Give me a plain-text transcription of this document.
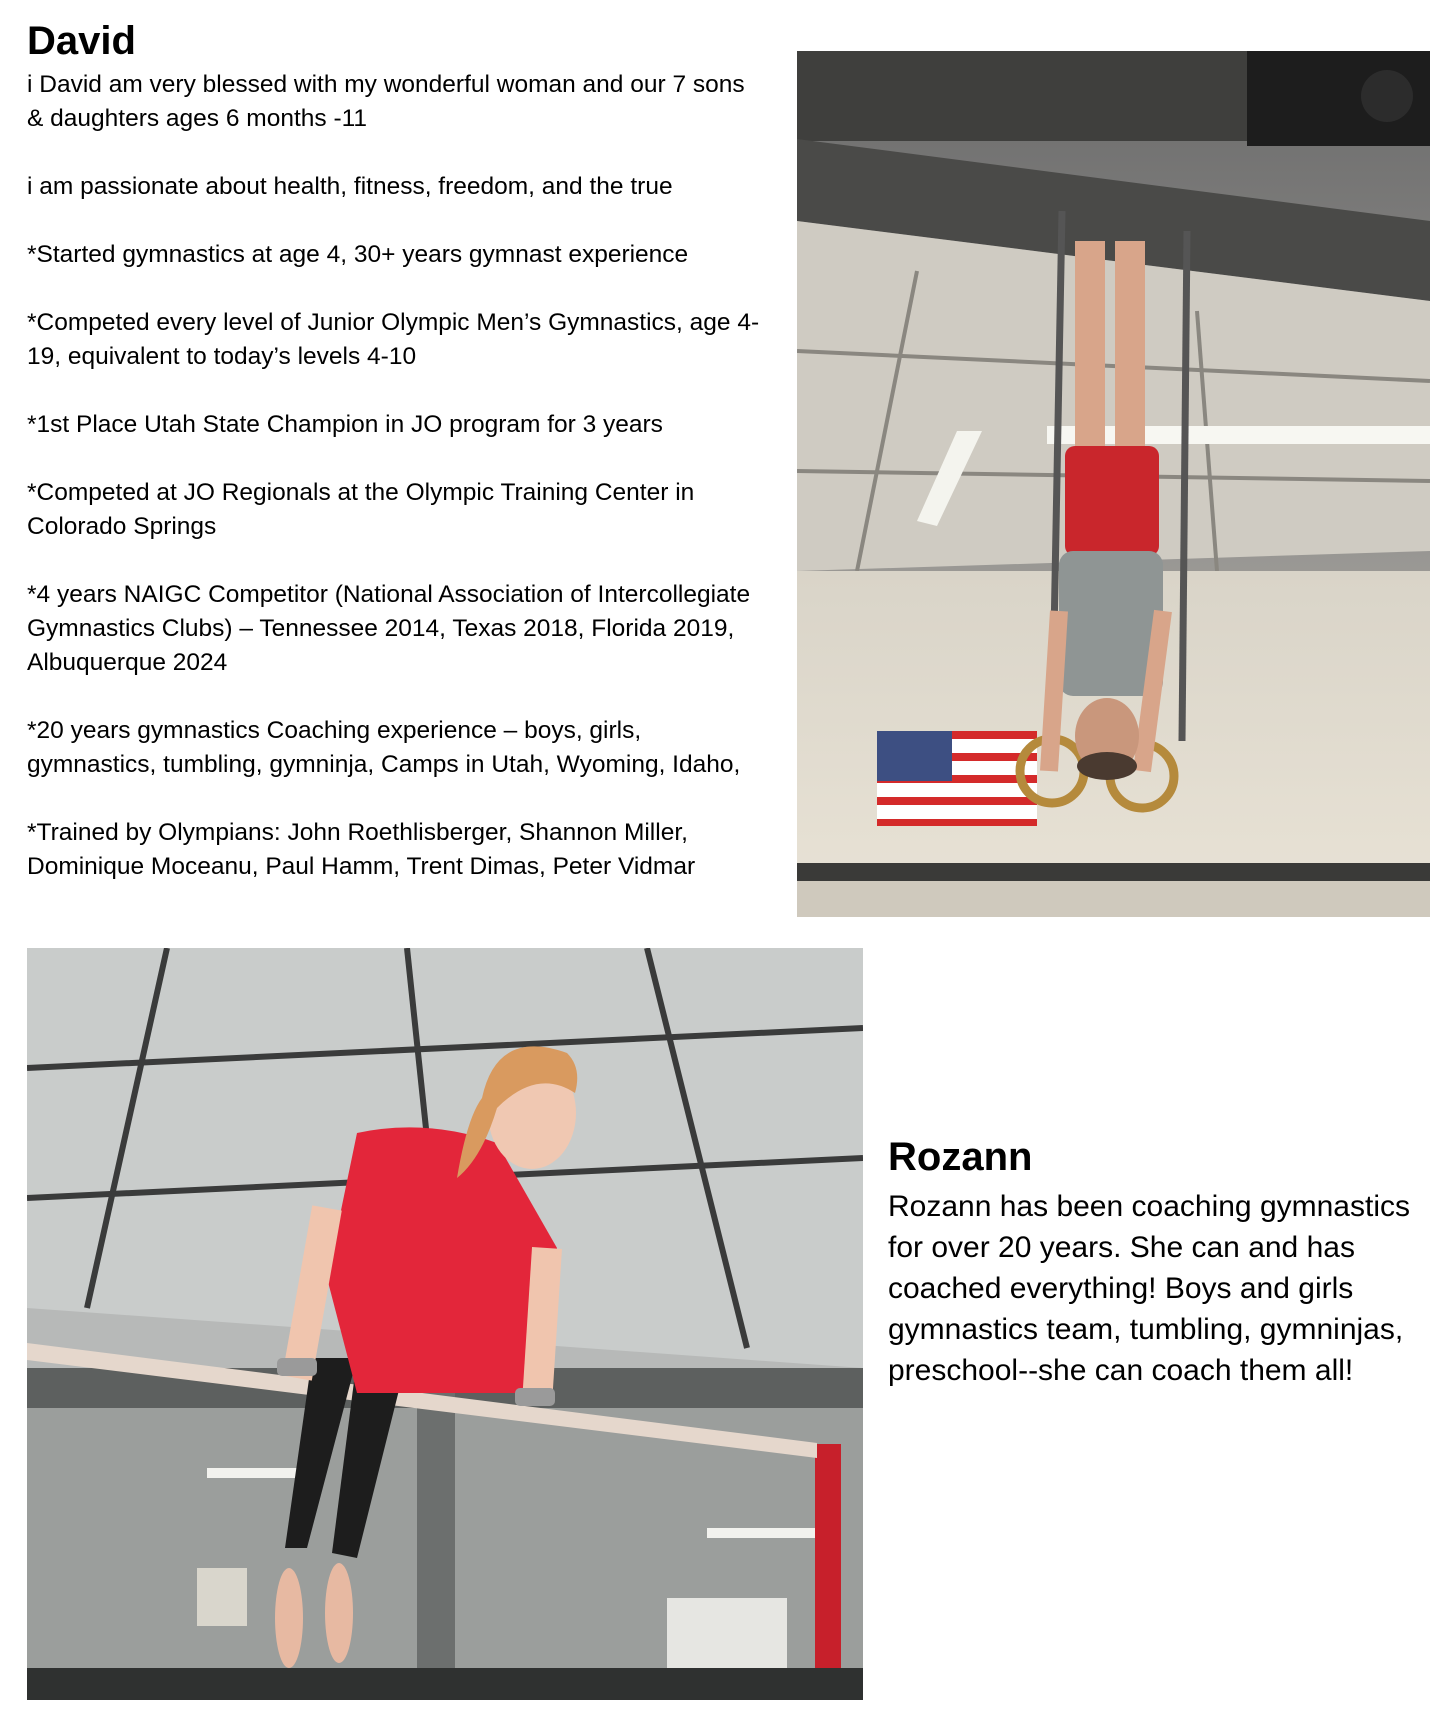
David
i David am very blessed with my wonderful woman and our 7 sons & daughters ages 6 months -11
i am passionate about health, fitness, freedom, and the true
*Started gymnastics at age 4, 30+ years gymnast experience
*Competed every level of Junior Olympic Men’s Gymnastics, age 4-19, equivalent to today’s levels 4-10
*1st Place Utah State Champion in JO program for 3 years
*Competed at JO Regionals at the Olympic Training Center in Colorado Springs
*4 years NAIGC Competitor (National Association of Intercollegiate Gymnastics Clubs) – Tennessee 2014, Texas 2018, Florida 2019, Albuquerque 2024
*20 years gymnastics Coaching experience – boys, girls, gymnastics, tumbling, gymninja, Camps in Utah, Wyoming, Idaho,
*Trained by Olympians: John Roethlisberger, Shannon Miller, Dominique Moceanu, Paul Hamm, Trent Dimas, Peter Vidmar
Rozann

Rozann has been coaching gymnastics for over 20 years. She can and has coached everything! Boys and girls gymnastics team, tumbling, gymninjas, preschool--she can coach them all!
